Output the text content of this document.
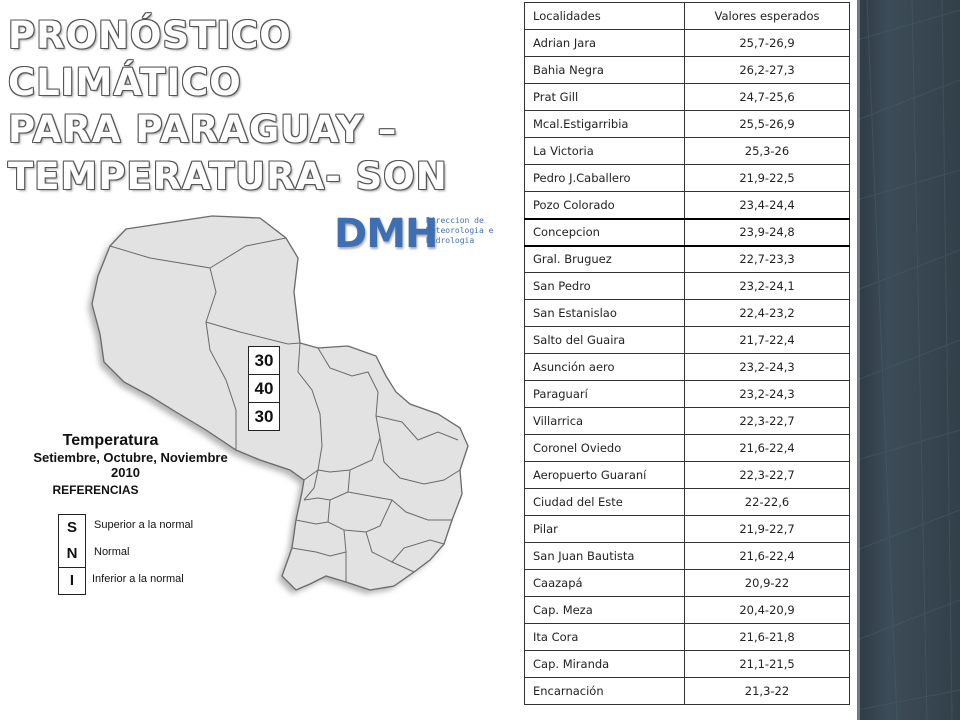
PRONÓSTICO CLIMÁTICO
PARA PARAGUAY –
TEMPERATURA- SON
DMH
Direccion de
Meteorologia e
Hidrologia
30
40
30
Temperatura
Setiembre, Octubre, Noviembre
2010
REFERENCIAS
S	Superior a la normal
N	Normal
I	Inferior a la normal
Localidades	Valores esperados
Adrian Jara	25,7-26,9
Bahia Negra	26,2-27,3
Prat Gill	24,7-25,6
Mcal.Estigarribia	25,5-26,9
La Victoria	25,3-26
Pedro J.Caballero	21,9-22,5
Pozo Colorado	23,4-24,4
Concepcion	23,9-24,8
Gral. Bruguez	22,7-23,3
San Pedro	23,2-24,1
San Estanislao	22,4-23,2
Salto del Guaira	21,7-22,4
Asunción aero	23,2-24,3
Paraguarí	23,2-24,3
Villarrica	22,3-22,7
Coronel Oviedo	21,6-22,4
Aeropuerto Guaraní	22,3-22,7
Ciudad del Este	22-22,6
Pilar	21,9-22,7
San Juan Bautista	21,6-22,4
Caazapá	20,9-22
Cap. Meza	20,4-20,9
Ita Cora	21,6-21,8
Cap. Miranda	21,1-21,5
Encarnación	21,3-22
